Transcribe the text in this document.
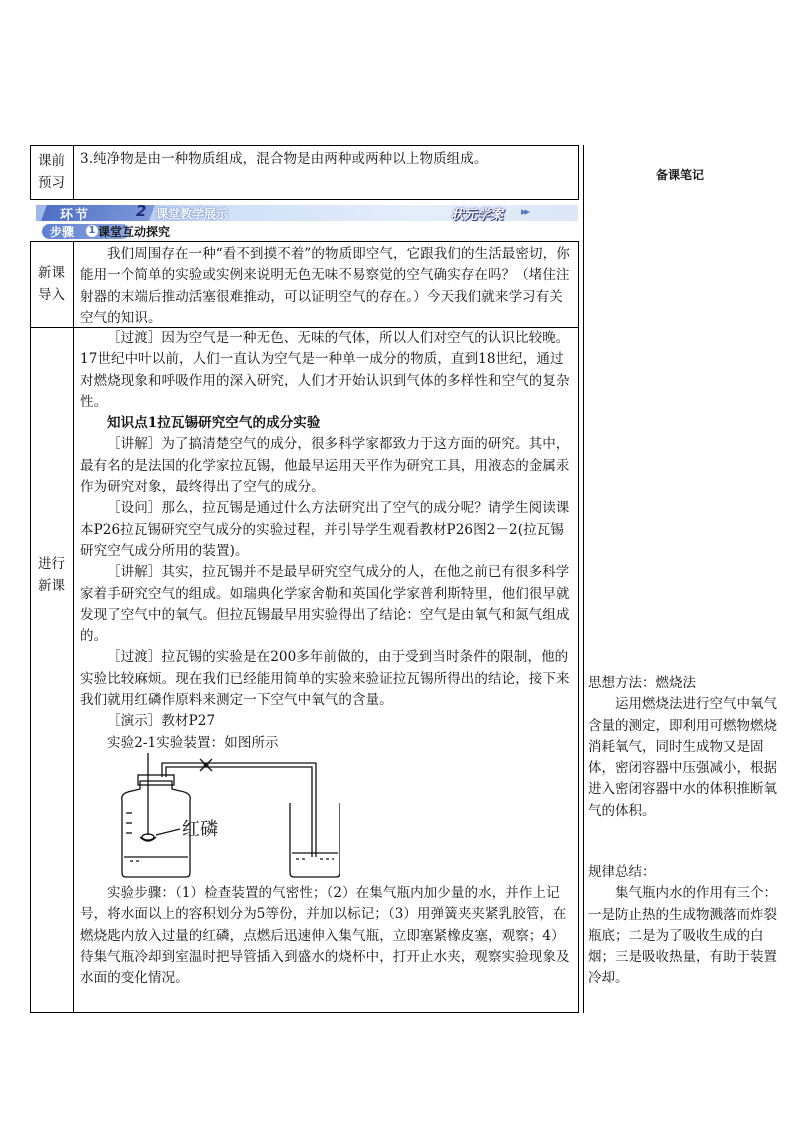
备课笔记
课前
预习
3.纯净物是由一种物质组成，混合物是由两种或两种以上物质组成。
环节	2 课堂教学展示	状元学案 ▸▸
步骤 1 课堂互动探究
新课
导入

我们周围存在一种“看不到摸不着”的物质即空气，它跟我们的生活最密切，你能用一个简单的实验或实例来说明无色无味不易察觉的空气确实存在吗？（堵住注射器的末端后推动活塞很难推动，可以证明空气的存在。）今天我们就来学习有关空气的知识。

进行
新课

［过渡］因为空气是一种无色、无味的气体，所以人们对空气的认识比较晚。17世纪中叶以前，人们一直认为空气是一种单一成分的物质，直到18世纪，通过对燃烧现象和呼吸作用的深入研究，人们才开始认识到气体的多样性和空气的复杂性。

知识点1拉瓦锡研究空气的成分实验

［讲解］为了搞清楚空气的成分，很多科学家都致力于这方面的研究。其中，最有名的是法国的化学家拉瓦锡，他最早运用天平作为研究工具，用液态的金属汞作为研究对象，最终得出了空气的成分。

［设问］那么，拉瓦锡是通过什么方法研究出了空气的成分呢？请学生阅读课本P26拉瓦锡研究空气成分的实验过程，并引导学生观看教材P26图2－2(拉瓦锡研究空气成分所用的装置)。

［讲解］其实，拉瓦锡并不是最早研究空气成分的人，在他之前已有很多科学家着手研究空气的组成。如瑞典化学家舍勒和英国化学家普利斯特里，他们很早就发现了空气中的氧气。但拉瓦锡最早用实验得出了结论：空气是由氧气和氮气组成的。

［过渡］拉瓦锡的实验是在200多年前做的，由于受到当时条件的限制，他的实验比较麻烦。现在我们已经能用简单的实验来验证拉瓦锡所得出的结论，接下来我们就用红磷作原料来测定一下空气中氧气的含量。

［演示］教材P27

实验2-1实验装置：如图所示

红磷

实验步骤：（1）检查装置的气密性；（2）在集气瓶内加少量的水，并作上记号，将水面以上的容积划分为5等份，并加以标记；（3）用弹簧夹夹紧乳胶管，在燃烧匙内放入过量的红磷，点燃后迅速伸入集气瓶，立即塞紧橡皮塞，观察；4）待集气瓶冷却到室温时把导管插入到盛水的烧杯中，打开止水夹，观察实验现象及水面的变化情况。

思想方法：燃烧法

运用燃烧法进行空气中氧气含量的测定，即利用可燃物燃烧消耗氧气，同时生成物又是固体，密闭容器中压强减小，根据进入密闭容器中水的体积推断氧气的体积。

规律总结：

集气瓶内水的作用有三个：一是防止热的生成物溅落而炸裂瓶底；二是为了吸收生成的白烟；三是吸收热量，有助于装置冷却。
